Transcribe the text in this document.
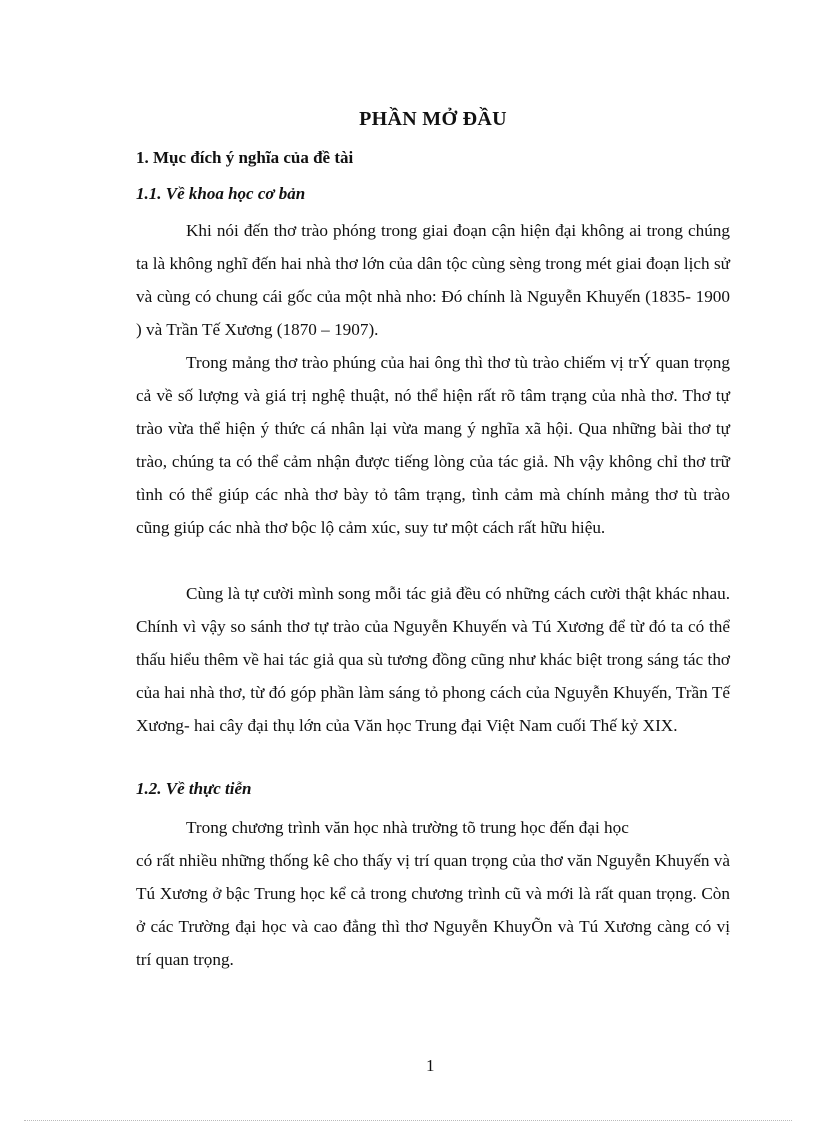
PHẦN MỞ ĐẦU
1. Mục đích ý nghĩa của đề tài
1.1. Về khoa học cơ bản
Khi nói đến thơ trào phóng trong giai đoạn cận hiện đại không ai trong chúng ta là không nghĩ đến hai nhà thơ lớn của dân tộc cùng sèng trong mét giai đoạn lịch sử và cùng có chung cái gốc của một nhà nho: Đó chính là Nguyễn Khuyến (1835- 1900 ) và Trần Tế Xương (1870 – 1907).
Trong mảng thơ trào phúng của hai ông thì thơ tù trào chiếm vị trÝ quan trọng cả về số lượng và giá trị nghệ thuật, nó thể hiện rất rõ tâm trạng của nhà thơ. Thơ tự trào vừa thể hiện ý thức cá nhân lại vừa mang ý nghĩa xã hội. Qua những bài thơ tự trào, chúng ta có thể cảm nhận được tiếng lòng của tác giả. Nh vậy không chỉ thơ trữ tình có thể giúp các nhà thơ bày tỏ tâm trạng, tình cảm mà chính mảng thơ tù trào cũng giúp các nhà thơ bộc lộ cảm xúc, suy tư một cách rất hữu hiệu.
Cùng là tự cười mình song mỗi tác giả đều có những cách cười thật khác nhau. Chính vì vậy so sánh thơ tự trào của Nguyễn Khuyến và Tú Xương để từ đó ta có thể thấu hiểu thêm về hai tác giả qua sù tương đồng cũng như khác biệt trong sáng tác thơ của hai nhà thơ, từ đó góp phần làm sáng tỏ phong cách của Nguyễn Khuyến, Trần Tế Xương- hai cây đại thụ lớn của Văn học Trung đại Việt Nam cuối Thế kỷ XIX.
1.2. Về thực tiễn
Trong chương trình văn học nhà trường tõ trung học đến đại học
có rất nhiều những thống kê cho thấy vị trí quan trọng của thơ văn Nguyễn Khuyến và Tú Xương ở bậc Trung học kể cả trong chương trình cũ và mới là rất quan trọng. Còn ở các Trường đại học và cao đẳng thì thơ Nguyễn KhuyÕn và Tú Xương càng có vị trí quan trọng.
1
